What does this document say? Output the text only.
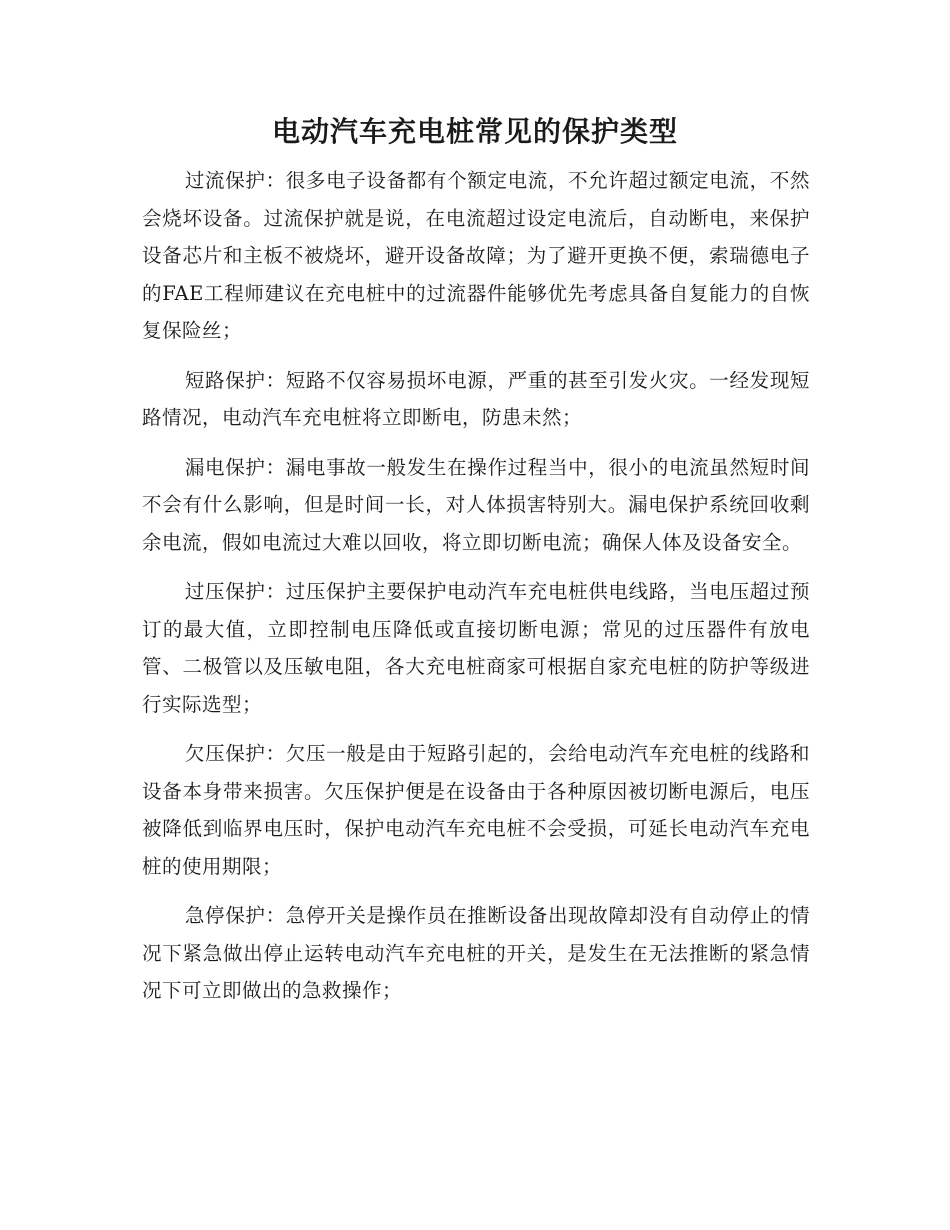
电动汽车充电桩常见的保护类型

过流保护：很多电子设备都有个额定电流，不允许超过额定电流，不然会烧坏设备。过流保护就是说，在电流超过设定电流后，自动断电，来保护设备芯片和主板不被烧坏，避开设备故障；为了避开更换不便，索瑞德电子的FAE工程师建议在充电桩中的过流器件能够优先考虑具备自复能力的自恢复保险丝；

短路保护：短路不仅容易损坏电源，严重的甚至引发火灾。一经发现短路情况，电动汽车充电桩将立即断电，防患未然；

漏电保护：漏电事故一般发生在操作过程当中，很小的电流虽然短时间不会有什么影响，但是时间一长，对人体损害特别大。漏电保护系统回收剩余电流，假如电流过大难以回收，将立即切断电流；确保人体及设备安全。

过压保护：过压保护主要保护电动汽车充电桩供电线路，当电压超过预订的最大值，立即控制电压降低或直接切断电源；常见的过压器件有放电管、二极管以及压敏电阻，各大充电桩商家可根据自家充电桩的防护等级进行实际选型；

欠压保护：欠压一般是由于短路引起的，会给电动汽车充电桩的线路和设备本身带来损害。欠压保护便是在设备由于各种原因被切断电源后，电压被降低到临界电压时，保护电动汽车充电桩不会受损，可延长电动汽车充电桩的使用期限；

急停保护：急停开关是操作员在推断设备出现故障却没有自动停止的情况下紧急做出停止运转电动汽车充电桩的开关，是发生在无法推断的紧急情况下可立即做出的急救操作；
